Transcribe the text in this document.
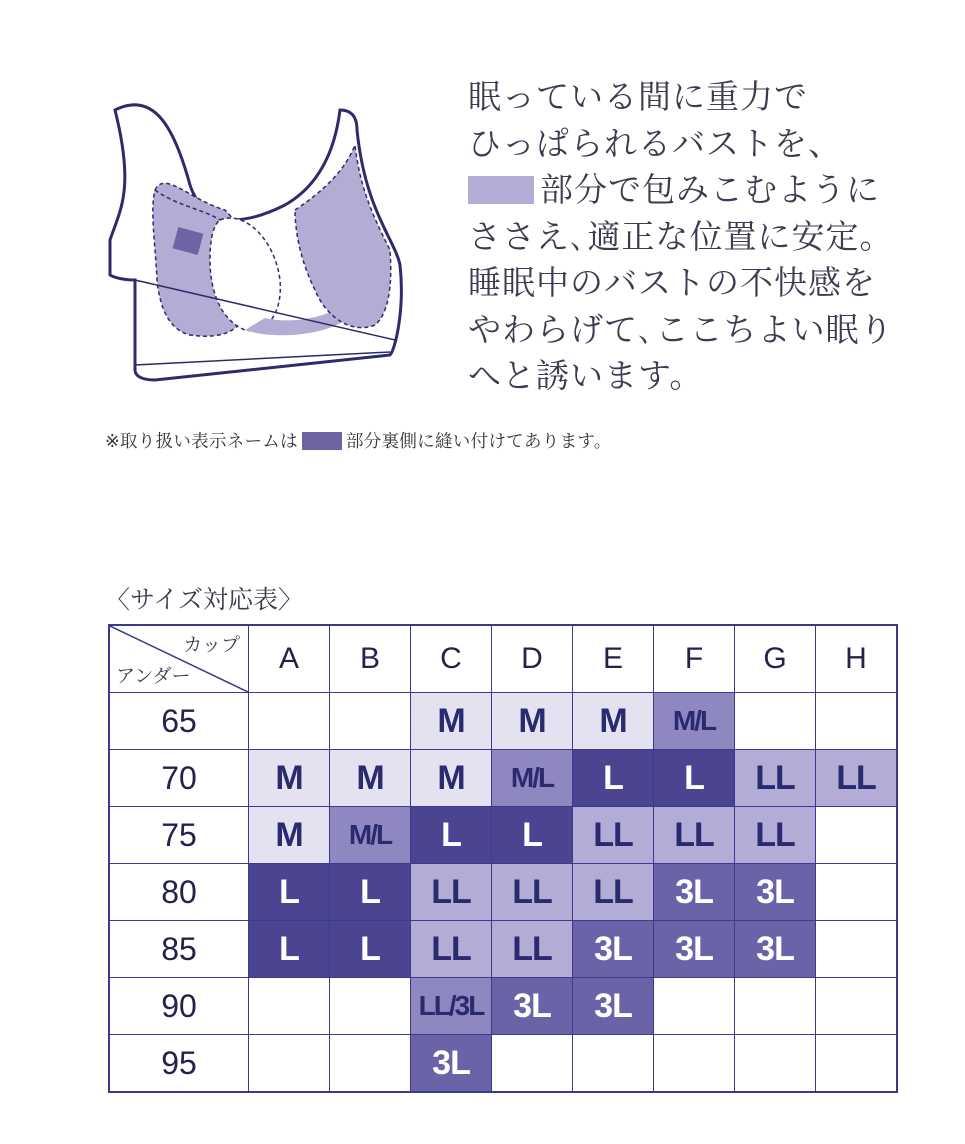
眠っている間に重力で
ひっぱられるバストを、
部分で包みこむように
ささえ､適正な位置に安定。
睡眠中のバストの不快感を
やわらげて､ここちよい眠り
へと誘います。
※取り扱い表示ネームは	部分裏側に縫い付けてあります。
〈サイズ対応表〉
カップ
アンダー	A	B	C	D	E	F	G	H
65			M	M	M	M/L		
70	M	M	M	M/L	L	L	LL	LL
75	M	M/L	L	L	LL	LL	LL	
80	L	L	LL	LL	LL	3L	3L	
85	L	L	LL	LL	3L	3L	3L	
90			LL/3L	3L	3L			
95			3L					
